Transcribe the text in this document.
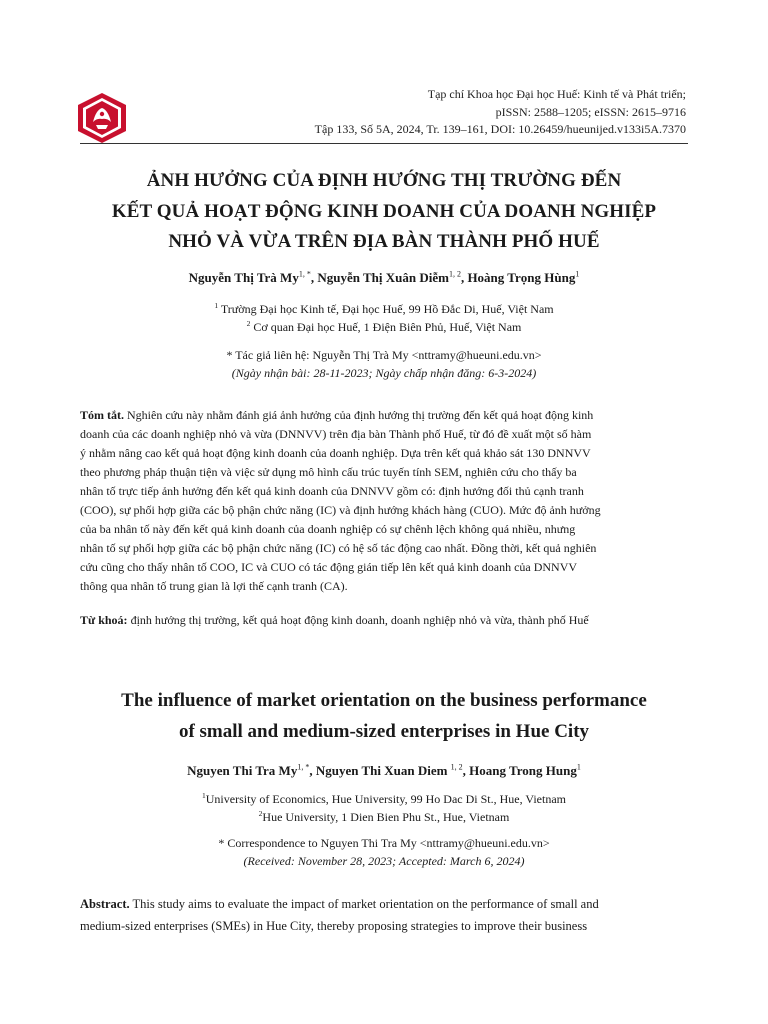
Tạp chí Khoa học Đại học Huế: Kinh tế và Phát triển;
pISSN: 2588–1205; eISSN: 2615–9716
Tập 133, Số 5A, 2024, Tr. 139–161, DOI: 10.26459/hueunijed.v133i5A.7370
ẢNH HƯỞNG CỦA ĐỊNH HƯỚNG THỊ TRƯỜNG ĐẾN
KẾT QUẢ HOẠT ĐỘNG KINH DOANH CỦA DOANH NGHIỆP
NHỎ VÀ VỪA TRÊN ĐỊA BÀN THÀNH PHỐ HUẾ
Nguyễn Thị Trà $My^{1, *}$, Nguyễn Thị Xuân Diễm$^{1, 2}$, Hoàng Trọng Hùng$^1$
$^1$ Trường Đại học Kinh tế, Đại học Huế, 99 Hồ Đắc Di, Huế, Việt Nam
$^2$ Cơ quan Đại học Huế, 1 Điện Biên Phủ, Huế, Việt Nam
* Tác giả liên hệ: Nguyễn Thị Trà My <nttramy@hueuni.edu.vn>
(Ngày nhận bài: 28-11-2023; Ngày chấp nhận đăng: 6-3-2024)
Tóm tắt. Nghiên cứu này nhằm đánh giá ảnh hưởng của định hướng thị trường đến kết quả hoạt động kinh
doanh của các doanh nghiệp nhỏ và vừa (DNNVV) trên địa bàn Thành phố Huế, từ đó đề xuất một số hàm
ý nhằm nâng cao kết quả hoạt động kinh doanh của doanh nghiệp. Dựa trên kết quả khảo sát 130 DNNVV
theo phương pháp thuận tiện và việc sử dụng mô hình cấu trúc tuyến tính SEM, nghiên cứu cho thấy ba
nhân tố trực tiếp ảnh hưởng đến kết quả kinh doanh của DNNVV gồm có: định hướng đối thủ cạnh tranh
(COO), sự phối hợp giữa các bộ phận chức năng (IC) và định hướng khách hàng (CUO). Mức độ ảnh hưởng
của ba nhân tố này đến kết quả kinh doanh của doanh nghiệp có sự chênh lệch không quá nhiều, nhưng
nhân tố sự phối hợp giữa các bộ phận chức năng (IC) có hệ số tác động cao nhất. Đồng thời, kết quả nghiên
cứu cũng cho thấy nhân tố COO, IC và CUO có tác động gián tiếp lên kết quả kinh doanh của DNNVV
thông qua nhân tố trung gian là lợi thế cạnh tranh (CA).
Từ khoá: định hướng thị trường, kết quả hoạt động kinh doanh, doanh nghiệp nhỏ và vừa, thành phố Huế
The influence of market orientation on the business performance
of small and medium-sized enterprises in Hue City
Nguyen Thi Tra $My^{1, *}$, Nguyen Thi Xuan Diem $^{1, 2}$, Hoang Trong Hung$^1$
$^1$University of Economics, Hue University, 99 Ho Dac Di St., Hue, Vietnam
$^2$Hue University, 1 Dien Bien Phu St., Hue, Vietnam
* Correspondence to Nguyen Thi Tra My <nttramy@hueuni.edu.vn>
(Received: November 28, 2023; Accepted: March 6, 2024)
Abstract. This study aims to evaluate the impact of market orientation on the performance of small and
medium-sized enterprises (SMEs) in Hue City, thereby proposing strategies to improve their business
